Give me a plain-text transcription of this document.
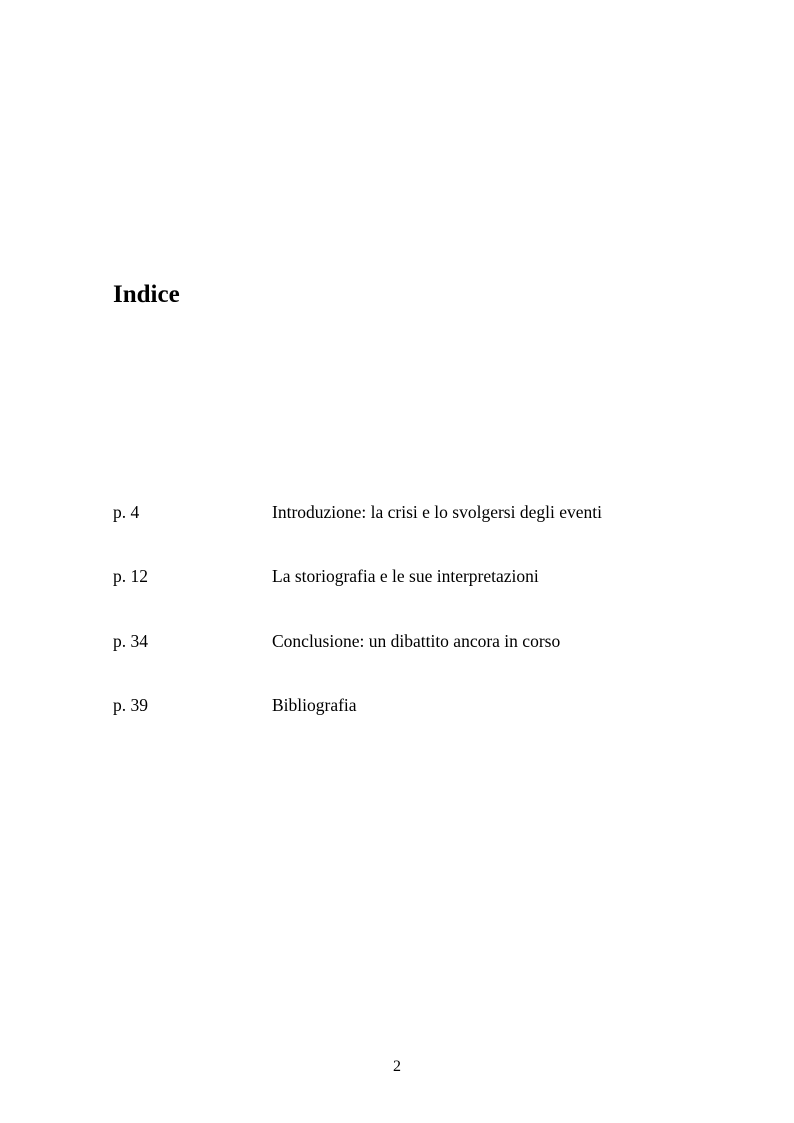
Indice
p. 4	Introduzione: la crisi e lo svolgersi degli eventi
p. 12	La storiografia e le sue interpretazioni
p. 34	Conclusione: un dibattito ancora in corso
p. 39	Bibliografia
2
